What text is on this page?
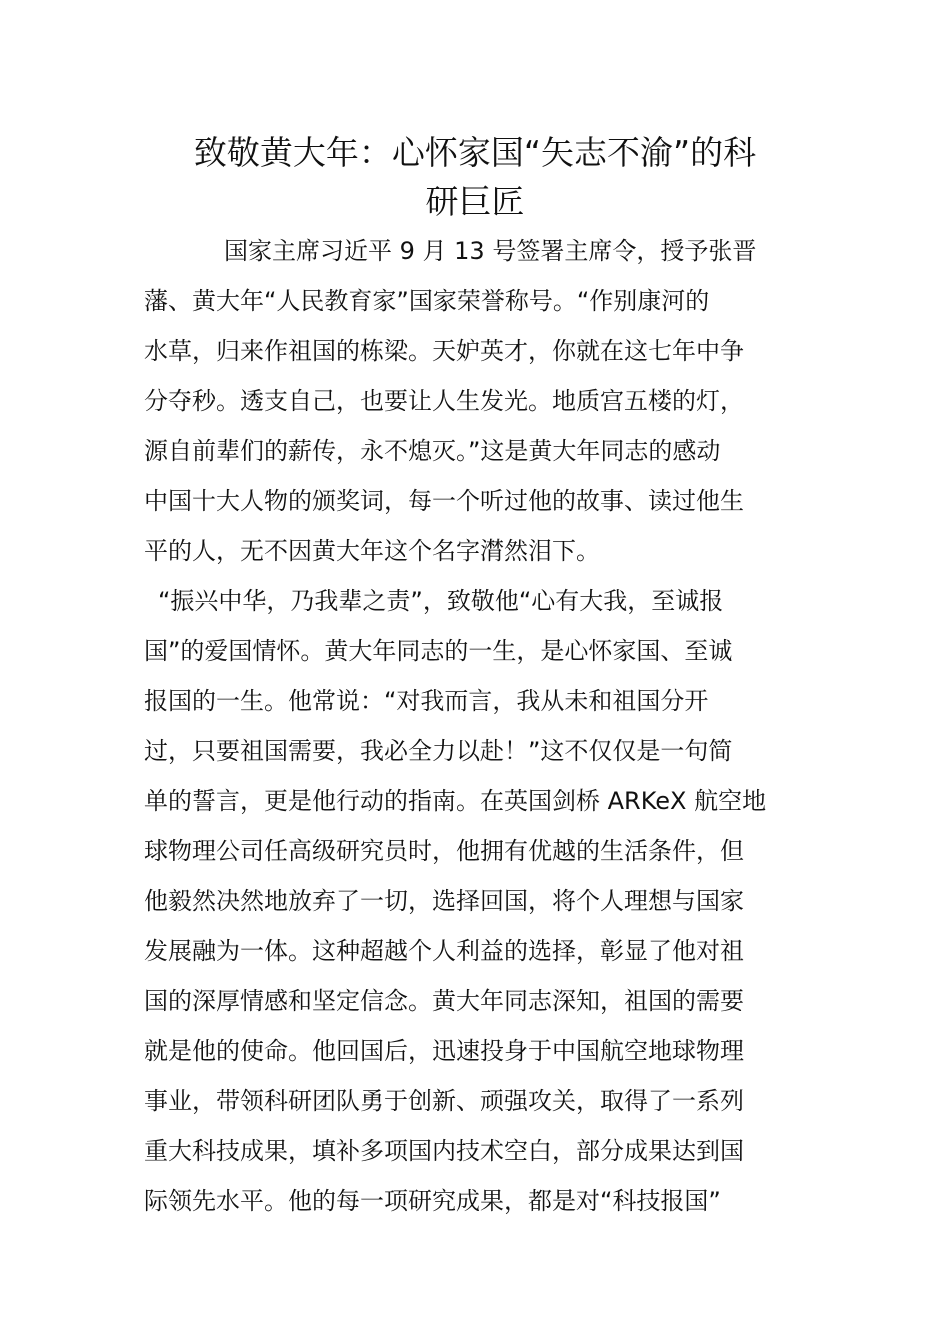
致敬黄大年：心怀家国“矢志不渝”的科
研巨匠

国家主席习近平 9 月 13 号签署主席令，授予张晋

藩、黄大年“人民教育家”国家荣誉称号。“作别康河的

水草，归来作祖国的栋梁。天妒英才，你就在这七年中争

分夺秒。透支自己，也要让人生发光。地质宫五楼的灯，

源自前辈们的薪传，永不熄灭。”这是黄大年同志的感动

中国十大人物的颁奖词，每一个听过他的故事、读过他生

平的人，无不因黄大年这个名字潸然泪下。

“振兴中华，乃我辈之责”，致敬他“心有大我，至诚报

国”的爱国情怀。黄大年同志的一生，是心怀家国、至诚

报国的一生。他常说：“对我而言，我从未和祖国分开

过，只要祖国需要，我必全力以赴！”这不仅仅是一句简

单的誓言，更是他行动的指南。在英国剑桥 ARKeX 航空地

球物理公司任高级研究员时，他拥有优越的生活条件，但

他毅然决然地放弃了一切，选择回国，将个人理想与国家

发展融为一体。这种超越个人利益的选择，彰显了他对祖

国的深厚情感和坚定信念。黄大年同志深知，祖国的需要

就是他的使命。他回国后，迅速投身于中国航空地球物理

事业，带领科研团队勇于创新、顽强攻关，取得了一系列

重大科技成果，填补多项国内技术空白，部分成果达到国

际领先水平。他的每一项研究成果，都是对“科技报国”
